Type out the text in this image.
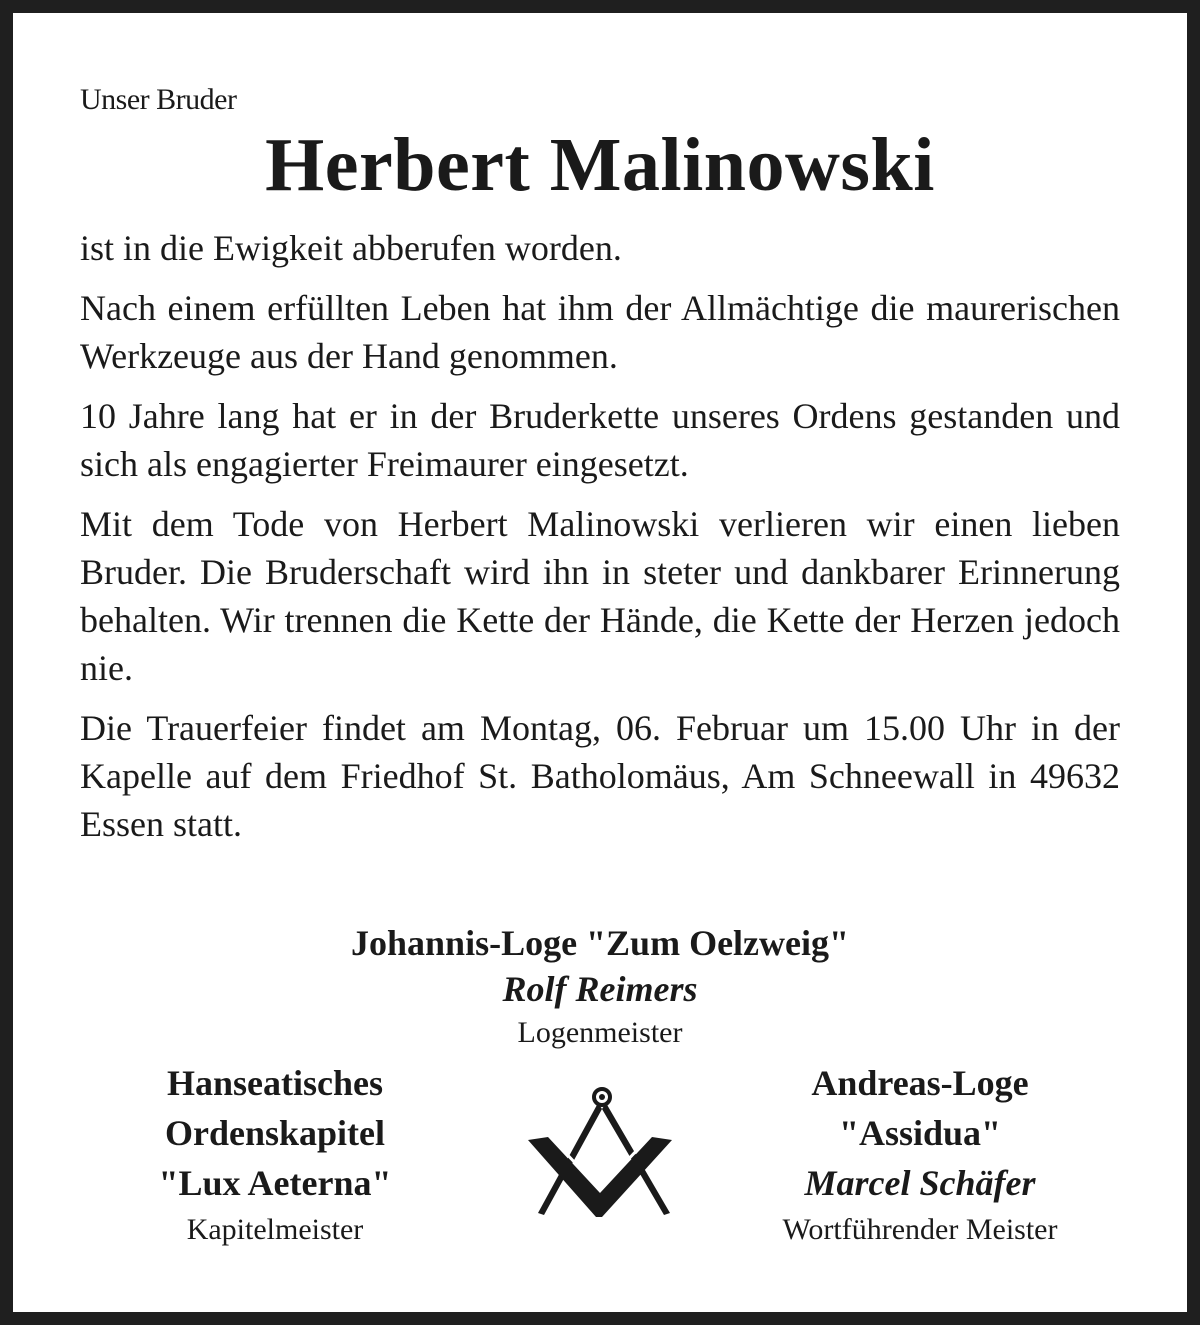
Unser Bruder
Herbert Malinowski

ist in die Ewigkeit abberufen worden.

Nach einem erfüllten Leben hat ihm der Allmächtige die maurerischen Werkzeuge aus der Hand genommen.

10 Jahre lang hat er in der Bruderkette unseres Ordens gestanden und sich als engagierter Freimaurer eingesetzt.

Mit dem Tode von Herbert Malinowski verlieren wir einen lieben Bruder. Die Bruderschaft wird ihn in steter und dankbarer Erinnerung behalten. Wir trennen die Kette der Hände, die Kette der Herzen jedoch nie.

Die Trauerfeier findet am Montag, 06. Februar um 15.00 Uhr in der Kapelle auf dem Friedhof St. Batholomäus, Am Schneewall in 49632 Essen statt.

Johannis-Loge "Zum Oelzweig"
Rolf Reimers
Logenmeister
Hanseatisches
Ordenskapitel
"Lux Aeterna"
Kapitelmeister
Andreas-Loge
"Assidua"
Marcel Schäfer
Wortführender Meister
